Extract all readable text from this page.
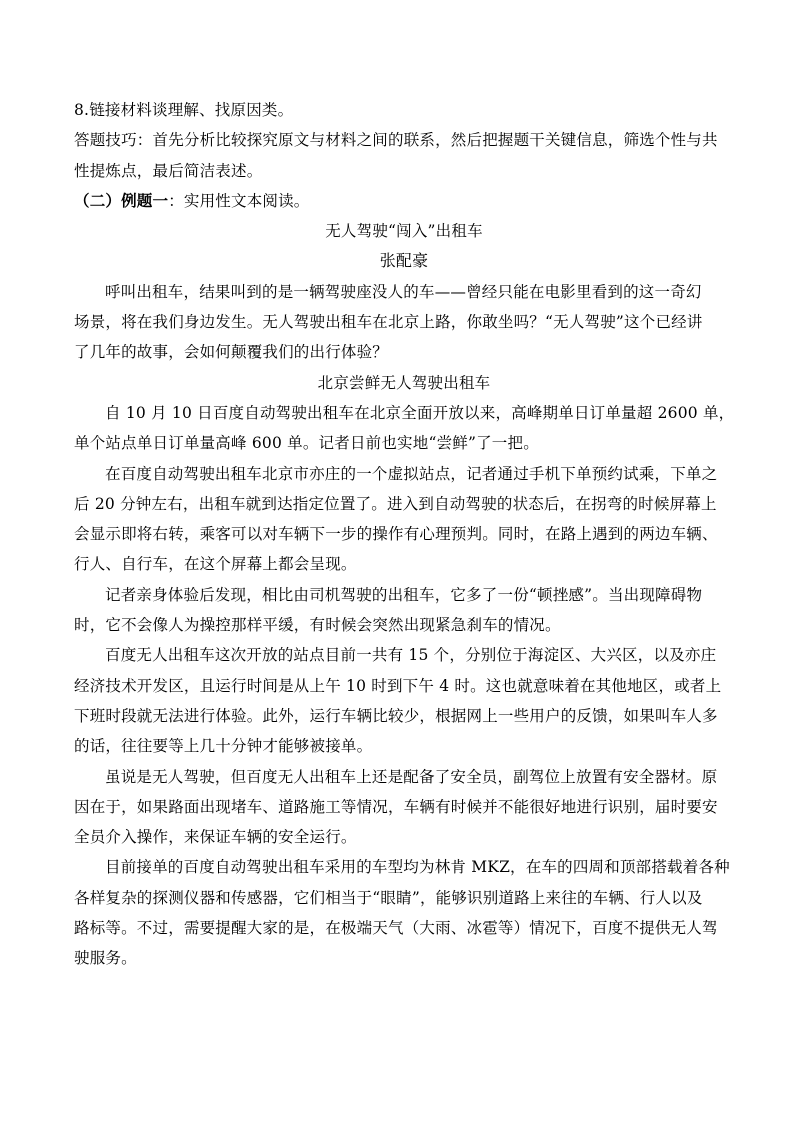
8.链接材料谈理解、找原因类。

答题技巧：首先分析比较探究原文与材料之间的联系，然后把握题干关键信息，筛选个性与共

性提炼点，最后简洁表述。

（二）例题一：实用性文本阅读。

无人驾驶“闯入”出租车

张配豪

呼叫出租车，结果叫到的是一辆驾驶座没人的车——曾经只能在电影里看到的这一奇幻

场景，将在我们身边发生。无人驾驶出租车在北京上路，你敢坐吗？“无人驾驶”这个已经讲

了几年的故事，会如何颠覆我们的出行体验？

北京尝鲜无人驾驶出租车

自 10 月 10 日百度自动驾驶出租车在北京全面开放以来，高峰期单日订单量超 2600 单，

单个站点单日订单量高峰 600 单。记者日前也实地“尝鲜”了一把。

在百度自动驾驶出租车北京市亦庄的一个虚拟站点，记者通过手机下单预约试乘，下单之

后 20 分钟左右，出租车就到达指定位置了。进入到自动驾驶的状态后，在拐弯的时候屏幕上

会显示即将右转，乘客可以对车辆下一步的操作有心理预判。同时，在路上遇到的两边车辆、

行人、自行车，在这个屏幕上都会呈现。

记者亲身体验后发现，相比由司机驾驶的出租车，它多了一份“顿挫感”。当出现障碍物

时，它不会像人为操控那样平缓，有时候会突然出现紧急刹车的情况。

百度无人出租车这次开放的站点目前一共有 15 个，分别位于海淀区、大兴区，以及亦庄

经济技术开发区，且运行时间是从上午 10 时到下午 4 时。这也就意味着在其他地区，或者上

下班时段就无法进行体验。此外，运行车辆比较少，根据网上一些用户的反馈，如果叫车人多

的话，往往要等上几十分钟才能够被接单。

虽说是无人驾驶，但百度无人出租车上还是配备了安全员，副驾位上放置有安全器材。原

因在于，如果路面出现堵车、道路施工等情况，车辆有时候并不能很好地进行识别，届时要安

全员介入操作，来保证车辆的安全运行。

目前接单的百度自动驾驶出租车采用的车型均为林肯 MKZ，在车的四周和顶部搭载着各种

各样复杂的探测仪器和传感器，它们相当于“眼睛”，能够识别道路上来往的车辆、行人以及

路标等。不过，需要提醒大家的是，在极端天气（大雨、冰雹等）情况下，百度不提供无人驾

驶服务。
